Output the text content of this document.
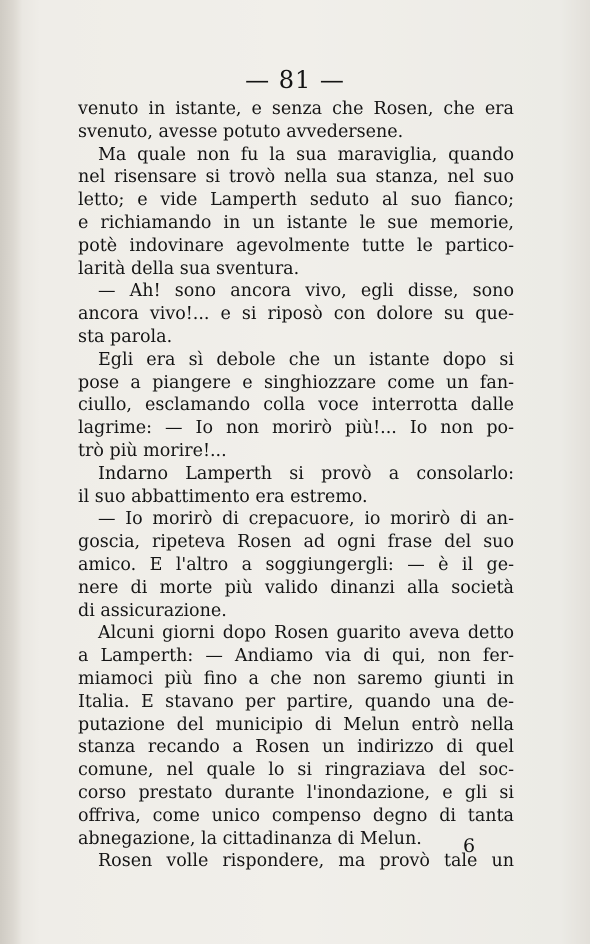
— 81 —
venuto in istante, e senza che Rosen, che era
svenuto, avesse potuto avvedersene.
Ma quale non fu la sua maraviglia, quando
nel risensare si trovò nella sua stanza, nel suo
letto; e vide Lamperth seduto al suo fianco;
e richiamando in un istante le sue memorie,
potè indovinare agevolmente tutte le partico-
larità della sua sventura.
— Ah! sono ancora vivo, egli disse, sono
ancora vivo!... e si riposò con dolore su que-
sta parola.
Egli era sì debole che un istante dopo si
pose a piangere e singhiozzare come un fan-
ciullo, esclamando colla voce interrotta dalle
lagrime: — Io non morirò più!... Io non po-
trò più morire!...
Indarno Lamperth si provò a consolarlo:
il suo abbattimento era estremo.
— Io morirò di crepacuore, io morirò di an-
goscia, ripeteva Rosen ad ogni frase del suo
amico. E l'altro a soggiungergli: — è il ge-
nere di morte più valido dinanzi alla società
di assicurazione.
Alcuni giorni dopo Rosen guarito aveva detto
a Lamperth: — Andiamo via di qui, non fer-
miamoci più fino a che non saremo giunti in
Italia. E stavano per partire, quando una de-
putazione del municipio di Melun entrò nella
stanza recando a Rosen un indirizzo di quel
comune, nel quale lo si ringraziava del soc-
corso prestato durante l'inondazione, e gli si
offriva, come unico compenso degno di tanta
abnegazione, la cittadinanza di Melun.
Rosen volle rispondere, ma provò tale un
6
